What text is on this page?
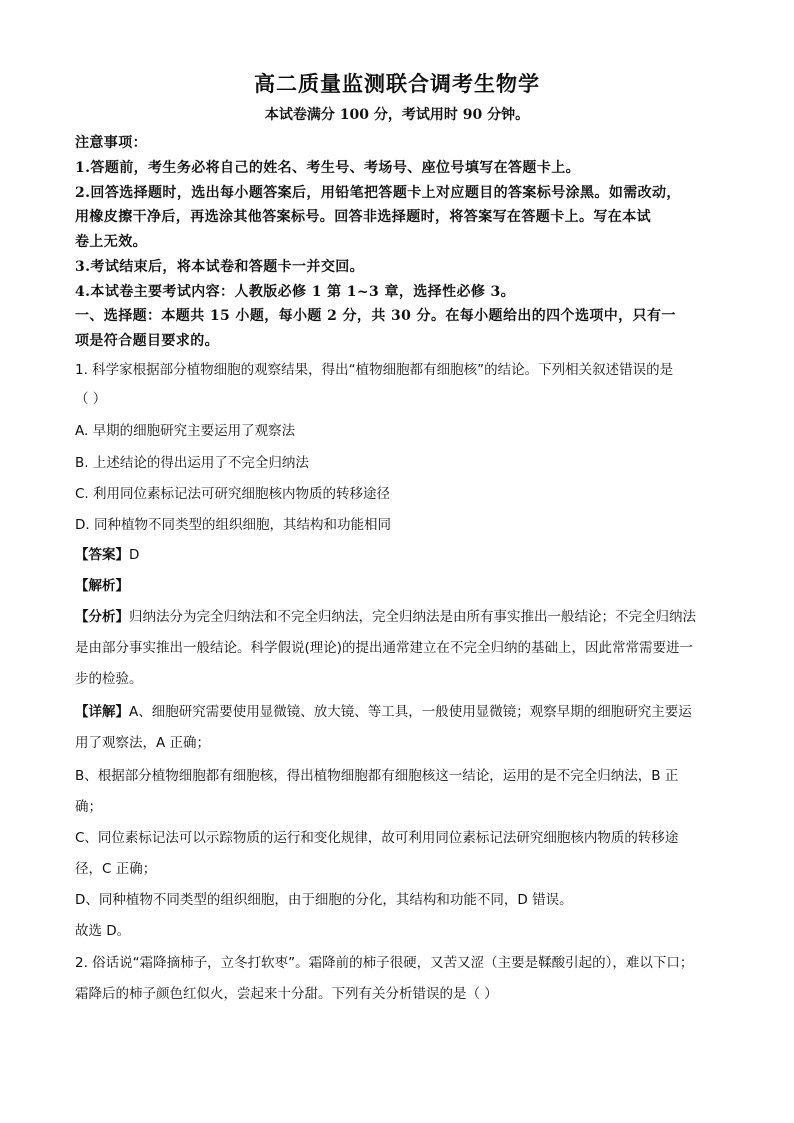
高二质量监测联合调考生物学
本试卷满分 100 分，考试用时 90 分钟。
注意事项：
1.答题前，考生务必将自己的姓名、考生号、考场号、座位号填写在答题卡上。
2.回答选择题时，选出每小题答案后，用铅笔把答题卡上对应题目的答案标号涂黑。如需改动，
用橡皮擦干净后，再选涂其他答案标号。回答非选择题时，将答案写在答题卡上。写在本试
卷上无效。
3.考试结束后，将本试卷和答题卡一并交回。
4.本试卷主要考试内容：人教版必修 1 第 1~3 章，选择性必修 3。
一、选择题：本题共 15 小题，每小题 2 分，共 30 分。在每小题给出的四个选项中，只有一
项是符合题目要求的。
1. 科学家根据部分植物细胞的观察结果，得出“植物细胞都有细胞核”的结论。下列相关叙述错误的是
（ ）
A. 早期的细胞研究主要运用了观察法
B. 上述结论的得出运用了不完全归纳法
C. 利用同位素标记法可研究细胞核内物质的转移途径
D. 同种植物不同类型的组织细胞，其结构和功能相同
【答案】D
【解析】
【分析】归纳法分为完全归纳法和不完全归纳法，完全归纳法是由所有事实推出一般结论；不完全归纳法
是由部分事实推出一般结论。科学假说(理论)的提出通常建立在不完全归纳的基础上，因此常常需要进一
步的检验。
【详解】A、细胞研究需要使用显微镜、放大镜、等工具，一般使用显微镜；观察早期的细胞研究主要运
用了观察法，A 正确；
B、根据部分植物细胞都有细胞核，得出植物细胞都有细胞核这一结论，运用的是不完全归纳法，B 正
确；
C、同位素标记法可以示踪物质的运行和变化规律，故可利用同位素标记法研究细胞核内物质的转移途
径，C 正确；
D、同种植物不同类型的组织细胞，由于细胞的分化，其结构和功能不同，D 错误。
故选 D。
2. 俗话说“霜降摘柿子，立冬打软枣”。霜降前的柿子很硬，又苦又涩（主要是鞣酸引起的），难以下口；
霜降后的柿子颜色红似火，尝起来十分甜。下列有关分析错误的是（ ）
